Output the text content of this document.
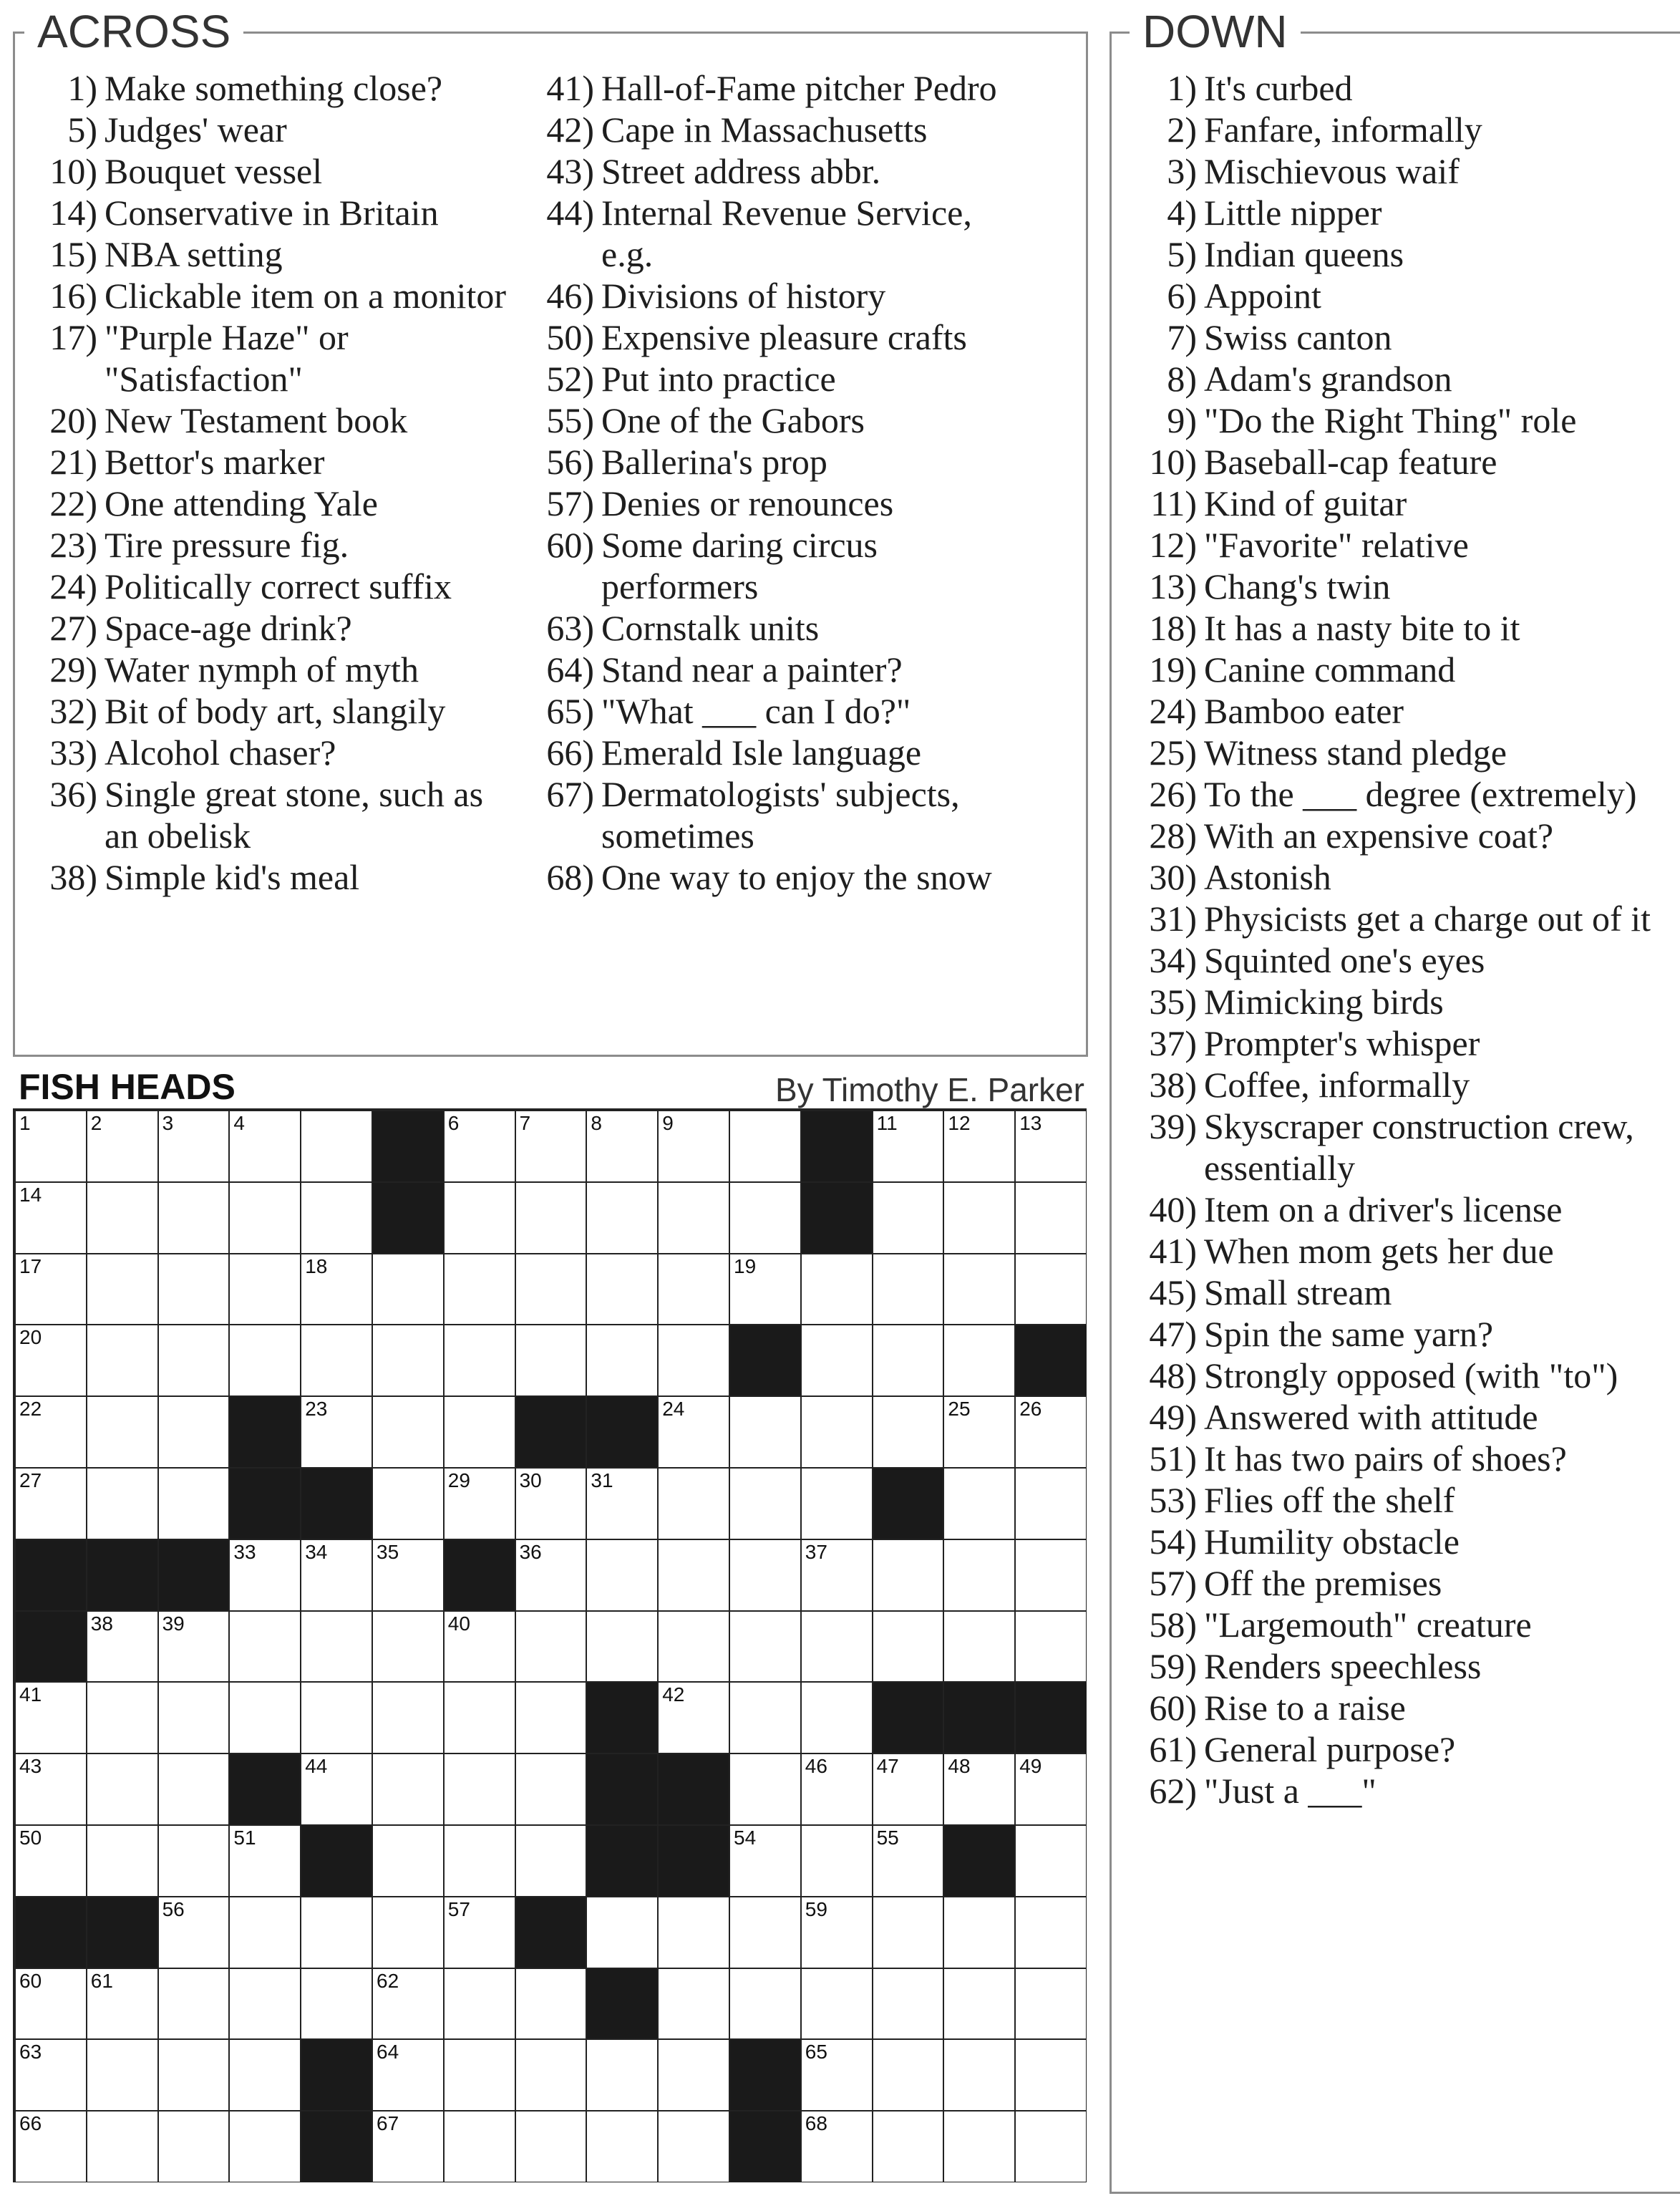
ACROSS	DOWN
1) Make something close?
5) Judges' wear
10) Bouquet vessel
14) Conservative in Britain
15) NBA setting
16) Clickable item on a monitor
17) "Purple Haze" or
"Satisfaction"
20) New Testament book
21) Bettor's marker
22) One attending Yale
23) Tire pressure fig.
24) Politically correct suffix
27) Space-age drink?
29) Water nymph of myth
32) Bit of body art, slangily
33) Alcohol chaser?
36) Single great stone, such as
an obelisk
38) Simple kid's meal
41) Hall-of-Fame pitcher Pedro
42) Cape in Massachusetts
43) Street address abbr.
44) Internal Revenue Service,
e.g.
46) Divisions of history
50) Expensive pleasure crafts
52) Put into practice
55) One of the Gabors
56) Ballerina's prop
57) Denies or renounces
60) Some daring circus
performers
63) Cornstalk units
64) Stand near a painter?
65) "What ___ can I do?"
66) Emerald Isle language
67) Dermatologists' subjects,
sometimes
68) One way to enjoy the snow
1) It's curbed
2) Fanfare, informally
3) Mischievous waif
4) Little nipper
5) Indian queens
6) Appoint
7) Swiss canton
8) Adam's grandson
9) "Do the Right Thing" role
10) Baseball-cap feature
11) Kind of guitar
12) "Favorite" relative
13) Chang's twin
18) It has a nasty bite to it
19) Canine command
24) Bamboo eater
25) Witness stand pledge
26) To the ___ degree (extremely)
28) With an expensive coat?
30) Astonish
31) Physicists get a charge out of it
34) Squinted one's eyes
35) Mimicking birds
37) Prompter's whisper
38) Coffee, informally
39) Skyscraper construction crew,
essentially
40) Item on a driver's license
41) When mom gets her due
45) Small stream
47) Spin the same yarn?
48) Strongly opposed (with "to")
49) Answered with attitude
51) It has two pairs of shoes?
53) Flies off the shelf
54) Humility obstacle
57) Off the premises
58) "Largemouth" creature
59) Renders speechless
60) Rise to a raise
61) General purpose?
62) "Just a ___"
FISH HEADS	By Timothy E. Parker
1	2	3	4	6	7	8	9	11	12 13
14
17	18	19
20
22	23	24	25 26
27	29 30 31
33 34 35	36	37
38 39	40
41	42
43	44	46 47 48 49
50	51	54	55
56	57	59
60 61	62
63	64	65
66	67	68
